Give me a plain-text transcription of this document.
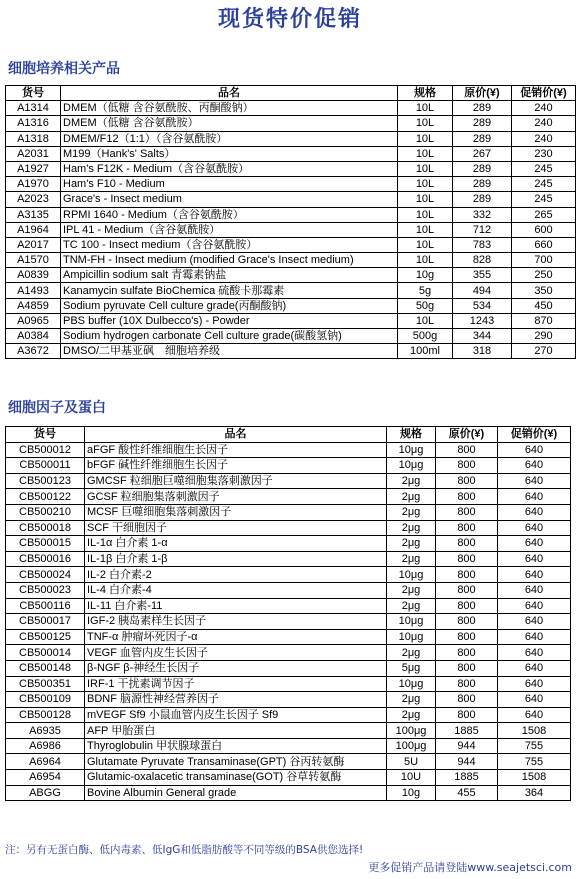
现货特价促销
细胞培养相关产品
货号	品名	规格	原价(¥)	促销价(¥)
A1314	DMEM（低糖 含谷氨酰胺、丙酮酸钠）	10L	289	240
A1316	DMEM（低糖 含谷氨酰胺）	10L	289	240
A1318	DMEM/F12（1:1）（含谷氨酰胺）	10L	289	240
A2031	M199（Hank's' Salts）	10L	267	230
A1927	Ham's F12K - Medium（含谷氨酰胺）	10L	289	245
A1970	Ham's F10 - Medium	10L	289	245
A2023	Grace's - Insect medium	10L	289	245
A3135	RPMI 1640 - Medium（含谷氨酰胺）	10L	332	265
A1964	IPL 41 - Medium（含谷氨酰胺）	10L	712	600
A2017	TC 100 - Insect medium（含谷氨酰胺）	10L	783	660
A1570	TNM-FH - Insect medium (modified Grace's Insect medium)	10L	828	700
A0839	Ampicillin sodium salt 青霉素钠盐	10g	355	250
A1493	Kanamycin sulfate BioChemica 硫酸卡那霉素	5g	494	350
A4859	Sodium pyruvate Cell culture grade(丙酮酸钠)	50g	534	450
A0965	PBS buffer (10X Dulbecco's) - Powder	10L	1243	870
A0384	Sodium hydrogen carbonate Cell culture grade(碳酸氢钠)	500g	344	290
A3672	DMSO/二甲基亚砜　细胞培养级	100ml	318	270
细胞因子及蛋白
货号	品名	规格	原价(¥)	促销价(¥)
CB500012	aFGF 酸性纤维细胞生长因子	10μg	800	640
CB500011	bFGF 碱性纤维细胞生长因子	10μg	800	640
CB500123	GMCSF 粒细胞巨噬细胞集落刺激因子	2μg	800	640
CB500122	GCSF 粒细胞集落刺激因子	2μg	800	640
CB500210	MCSF 巨噬细胞集落刺激因子	2μg	800	640
CB500018	SCF 干细胞因子	2μg	800	640
CB500015	IL-1α 白介素 1-α	2μg	800	640
CB500016	IL-1β 白介素 1-β	2μg	800	640
CB500024	IL-2 白介素-2	10μg	800	640
CB500023	IL-4 白介素-4	2μg	800	640
CB500116	IL-11 白介素-11	2μg	800	640
CB500017	IGF-2 胰岛素样生长因子	10μg	800	640
CB500125	TNF-α 肿瘤坏死因子-α	10μg	800	640
CB500014	VEGF 血管内皮生长因子	2μg	800	640
CB500148	β-NGF β-神经生长因子	5μg	800	640
CB500351	IRF-1 干扰素调节因子	10μg	800	640
CB500109	BDNF 脑源性神经营养因子	2μg	800	640
CB500128	mVEGF Sf9 小鼠血管内皮生长因子 Sf9	2μg	800	640
A6935	AFP 甲胎蛋白	100μg	1885	1508
A6986	Thyroglobulin 甲状腺球蛋白	100μg	944	755
A6964	Glutamate Pyruvate Transaminase(GPT) 谷丙转氨酶	5U	944	755
A6954	Glutamic-oxalacetic transaminase(GOT) 谷草转氨酶	10U	1885	1508
ABGG	Bovine Albumin General grade	10g	455	364
注：另有无蛋白酶、低内毒素、低IgG和低脂肪酸等不同等级的BSA供您选择!
更多促销产品请登陆www.seajetsci.com
